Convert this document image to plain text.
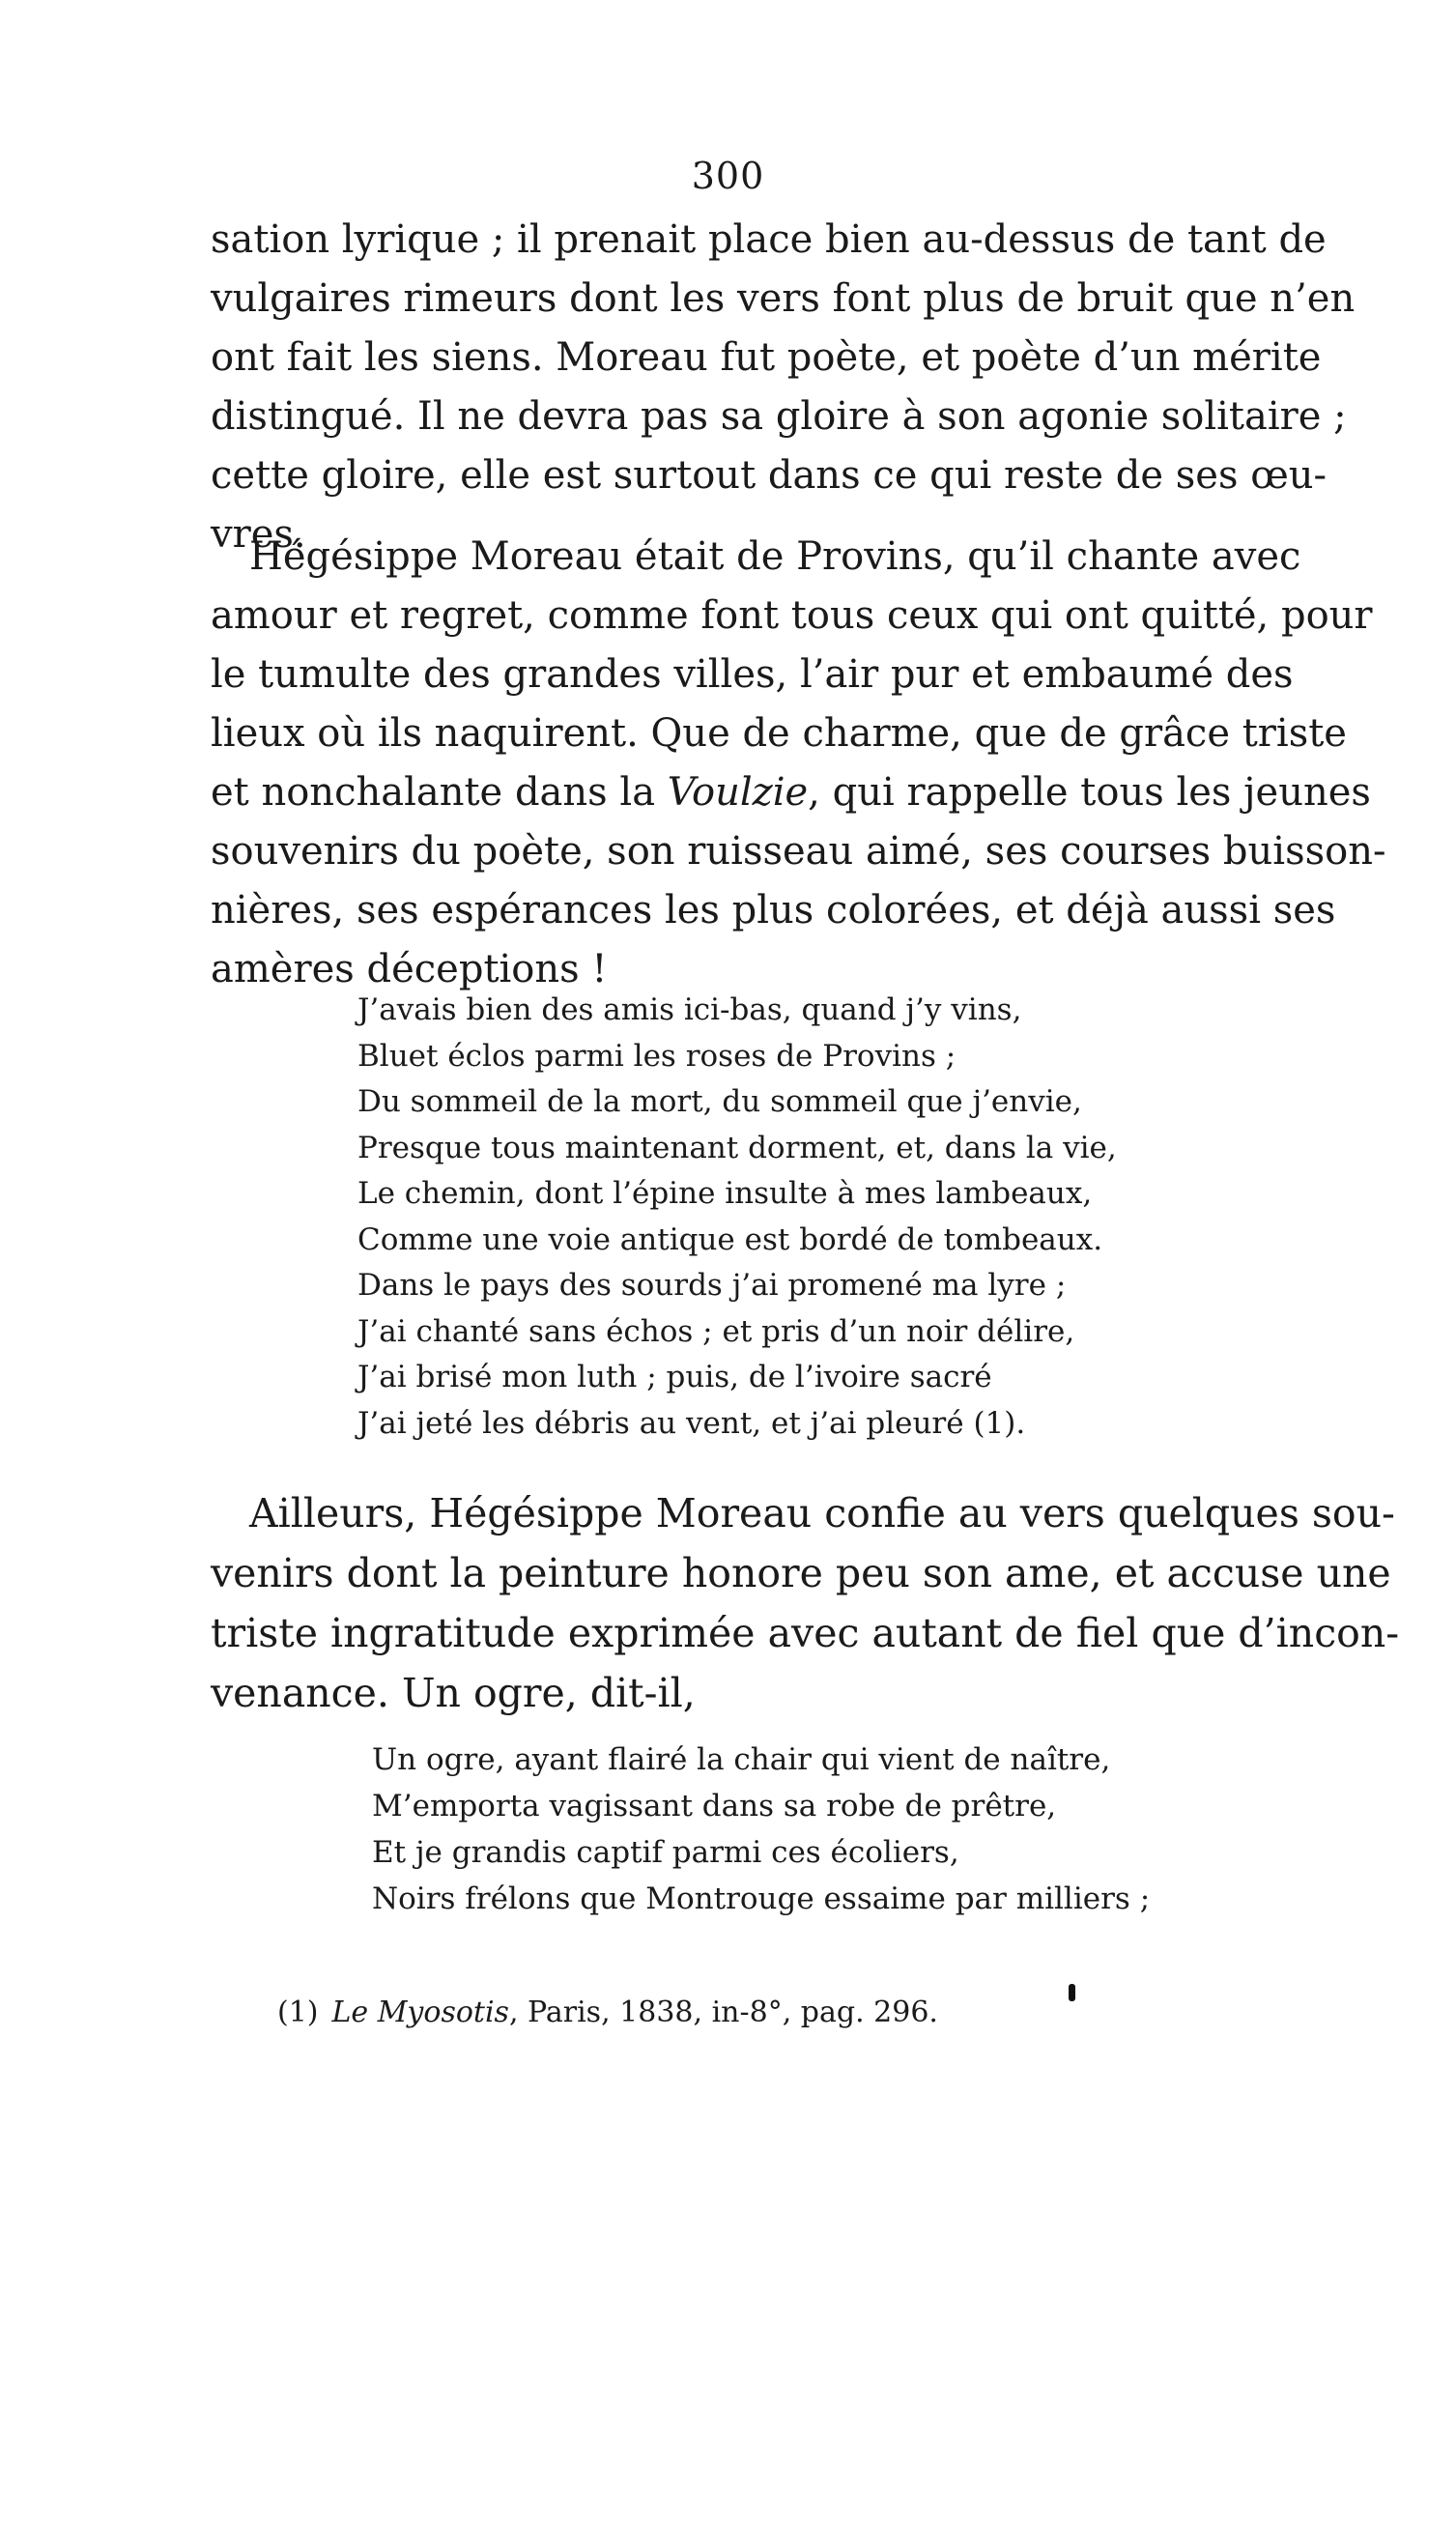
300

sation lyrique ; il prenait place bien au-dessus de tant de
vulgaires rimeurs dont les vers font plus de bruit que n’en
ont fait les siens. Moreau fut poète, et poète d’un mérite
distingué. Il ne devra pas sa gloire à son agonie solitaire ;
cette gloire, elle est surtout dans ce qui reste de ses œu-
vres.

Hégésippe Moreau était de Provins, qu’il chante avec
amour et regret, comme font tous ceux qui ont quitté, pour
le tumulte des grandes villes, l’air pur et embaumé des
lieux où ils naquirent. Que de charme, que de grâce triste
et nonchalante dans la Voulzie, qui rappelle tous les jeunes
souvenirs du poète, son ruisseau aimé, ses courses buisson-
nières, ses espérances les plus colorées, et déjà aussi ses
amères déceptions !

J’avais bien des amis ici-bas, quand j’y vins,
Bluet éclos parmi les roses de Provins ;
Du sommeil de la mort, du sommeil que j’envie,
Presque tous maintenant dorment, et, dans la vie,
Le chemin, dont l’épine insulte à mes lambeaux,
Comme une voie antique est bordé de tombeaux.
Dans le pays des sourds j’ai promené ma lyre ;
J’ai chanté sans échos ; et pris d’un noir délire,
J’ai brisé mon luth ; puis, de l’ivoire sacré
J’ai jeté les débris au vent, et j’ai pleuré (1).

Ailleurs, Hégésippe Moreau confie au vers quelques sou-
venirs dont la peinture honore peu son ame, et accuse une
triste ingratitude exprimée avec autant de fiel que d’incon-
venance. Un ogre, dit-il,

Un ogre, ayant flairé la chair qui vient de naître,
M’emporta vagissant dans sa robe de prêtre,
Et je grandis captif parmi ces écoliers,
Noirs frélons que Montrouge essaime par milliers ;
(1) Le Myosotis, Paris, 1838, in-8°, pag. 296.
